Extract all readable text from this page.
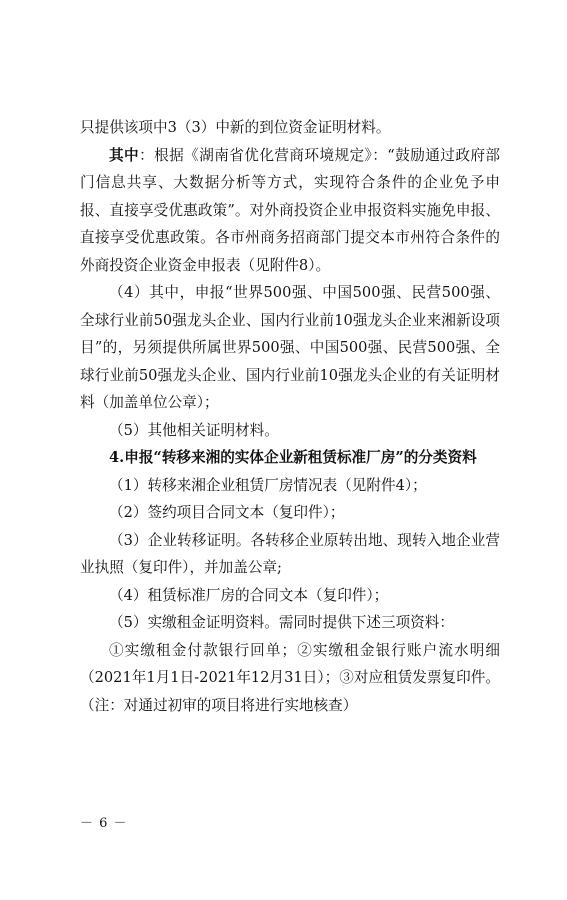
只提供该项中3（3）中新的到位资金证明材料。

其中：根据《湖南省优化营商环境规定》：“鼓励通过政府部门信息共享、大数据分析等方式，实现符合条件的企业免予申报、直接享受优惠政策”。对外商投资企业申报资料实施免申报、直接享受优惠政策。各市州商务招商部门提交本市州符合条件的外商投资企业资金申报表（见附件8）。

（4）其中，申报“世界500强、中国500强、民营500强、全球行业前50强龙头企业、国内行业前10强龙头企业来湘新设项目”的，另须提供所属世界500强、中国500强、民营500强、全球行业前50强龙头企业、国内行业前10强龙头企业的有关证明材料（加盖单位公章）；

（5）其他相关证明材料。

4.申报“转移来湘的实体企业新租赁标准厂房”的分类资料

（1）转移来湘企业租赁厂房情况表（见附件4）；

（2）签约项目合同文本（复印件）；

（3）企业转移证明。各转移企业原转出地、现转入地企业营业执照（复印件），并加盖公章;

（4）租赁标准厂房的合同文本（复印件）；

（5）实缴租金证明资料。需同时提供下述三项资料：

①实缴租金付款银行回单；②实缴租金银行账户流水明细（2021年1月1日-2021年12月31日）；③对应租赁发票复印件。（注：对通过初审的项目将进行实地核查）

－ 6 －
